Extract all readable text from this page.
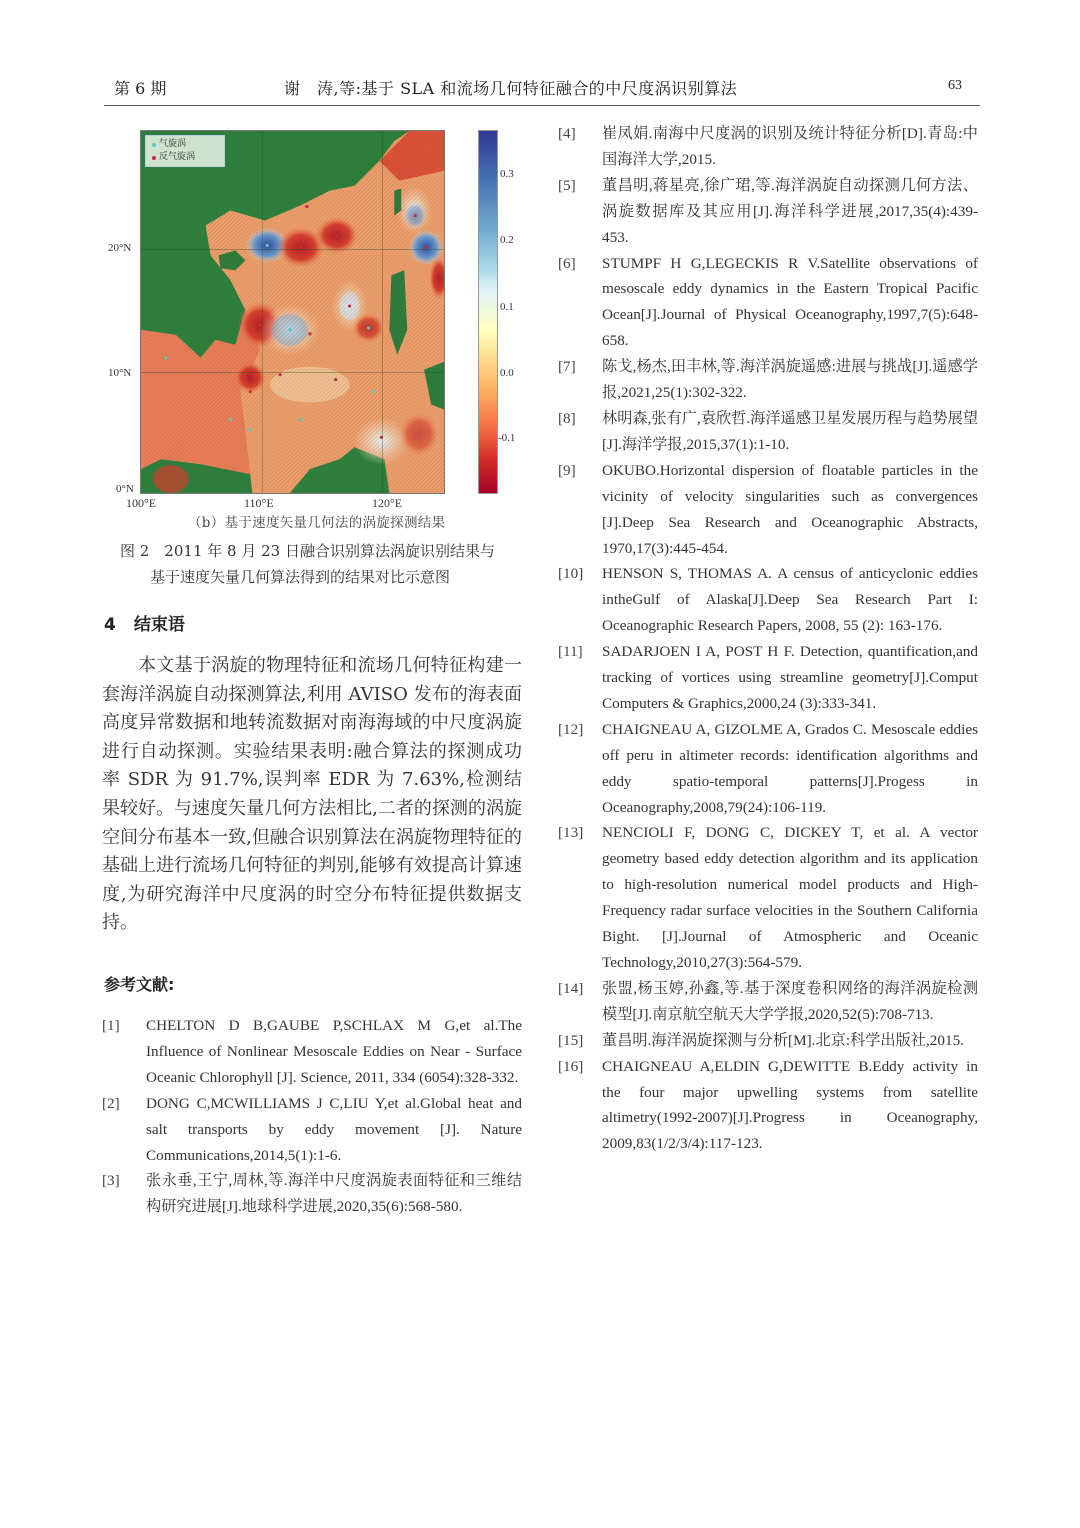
第 6 期	谢　涛,等:基于 SLA 和流场几何特征融合的中尺度涡识别算法	63
20°N
10°N
0°N
气旋涡
反气旋涡
0.3
0.2
0.1
0.0
-0.1
100°E	110°E	120°E
（b）基于速度矢量几何法的涡旋探测结果
图 2　2011 年 8 月 23 日融合识别算法涡旋识别结果与
基于速度矢量几何算法得到的结果对比示意图
4 结束语

本文基于涡旋的物理特征和流场几何特征构建一套海洋涡旋自动探测算法,利用 AVISO 发布的海表面高度异常数据和地转流数据对南海海域的中尺度涡旋进行自动探测。实验结果表明:融合算法的探测成功率 SDR 为 91.7%,误判率 EDR 为 7.63%,检测结果较好。与速度矢量几何方法相比,二者的探测的涡旋空间分布基本一致,但融合识别算法在涡旋物理特征的基础上进行流场几何特征的判别,能够有效提高计算速度,为研究海洋中尺度涡的时空分布特征提供数据支持。

参考文献:
[1]	CHELTON D B,GAUBE P,SCHLAX M G,et al.The Influence of Nonlinear Mesoscale Eddies on Near - Surface Oceanic Chlorophyll [J]. Science, 2011, 334 (6054):328-332.
[2]	DONG C,MCWILLIAMS J C,LIU Y,et al.Global heat and salt transports by eddy movement [J]. Nature Communications,2014,5(1):1-6.
[3]	张永垂,王宁,周林,等.海洋中尺度涡旋表面特征和三维结构研究进展[J].地球科学进展,2020,35(6):568-580.
[4]	崔凤娟.南海中尺度涡的识别及统计特征分析[D].青岛:中国海洋大学,2015.
[5]	董昌明,蒋星亮,徐广珺,等.海洋涡旋自动探测几何方法、涡旋数据库及其应用[J].海洋科学进展,2017,35(4):439-453.
[6]	STUMPF H G,LEGECKIS R V.Satellite observations of mesoscale eddy dynamics in the Eastern Tropical Pacific Ocean[J].Journal of Physical Oceanography,1997,7(5):648-658.
[7]	陈戈,杨杰,田丰林,等.海洋涡旋遥感:进展与挑战[J].遥感学报,2021,25(1):302-322.
[8]	林明森,张有广,袁欣哲.海洋遥感卫星发展历程与趋势展望[J].海洋学报,2015,37(1):1-10.
[9]	OKUBO.Horizontal dispersion of floatable particles in the vicinity of velocity singularities such as convergences [J].Deep Sea Research and Oceanographic Abstracts, 1970,17(3):445-454.
[10]	HENSON S, THOMAS A. A census of anticyclonic eddies intheGulf of Alaska[J].Deep Sea Research Part I: Oceanographic Research Papers, 2008, 55 (2): 163-176.
[11]	SADARJOEN I A, POST H F. Detection, quantification,and tracking of vortices using streamline geometry[J].Comput Computers & Graphics,2000,24 (3):333-341.
[12]	CHAIGNEAU A, GIZOLME A, Grados C. Mesoscale eddies off peru in altimeter records: identification algorithms and eddy spatio-temporal patterns[J].Progess in Oceanography,2008,79(24):106-119.
[13]	NENCIOLI F, DONG C, DICKEY T, et al. A vector geometry based eddy detection algorithm and its application to high-resolution numerical model products and High-Frequency radar surface velocities in the Southern California Bight. [J].Journal of Atmospheric and Oceanic Technology,2010,27(3):564-579.
[14]	张盟,杨玉婷,孙鑫,等.基于深度卷积网络的海洋涡旋检测模型[J].南京航空航天大学学报,2020,52(5):708-713.
[15]	董昌明.海洋涡旋探测与分析[M].北京:科学出版社,2015.
[16]	CHAIGNEAU A,ELDIN G,DEWITTE B.Eddy activity in the four major upwelling systems from satellite altimetry(1992-2007)[J].Progress in Oceanography, 2009,83(1/2/3/4):117-123.
